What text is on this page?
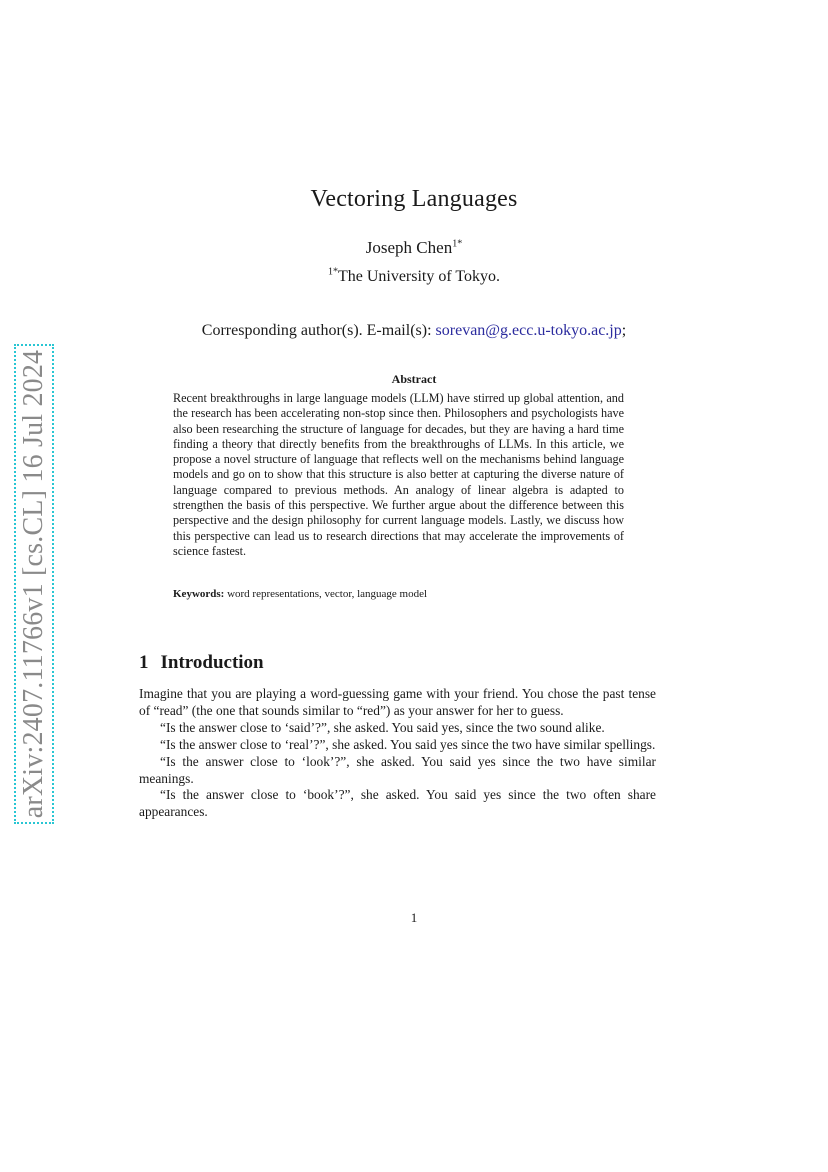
arXiv:2407.11766v1 [cs.CL] 16 Jul 2024
Vectoring Languages
Joseph Chen$^{1*}$
$^{1*}$The University of Tokyo.
Corresponding author(s). E-mail(s): sorevan@g.ecc.u-tokyo.ac.jp;
Abstract

Recent breakthroughs in large language models (LLM) have stirred up global attention, and the research has been accelerating non-stop since then. Philosophers and psychologists have also been researching the structure of language for decades, but they are having a hard time finding a theory that directly benefits from the breakthroughs of LLMs. In this article, we propose a novel structure of language that reflects well on the mechanisms behind language models and go on to show that this structure is also better at capturing the diverse nature of language compared to previous methods. An analogy of linear algebra is adapted to strengthen the basis of this perspective. We further argue about the difference between this perspective and the design philosophy for current language models. Lastly, we discuss how this perspective can lead us to research directions that may accelerate the improvements of science fastest.

Keywords: word representations, vector, language model

1 Introduction

Imagine that you are playing a word-guessing game with your friend. You chose the past tense of “read” (the one that sounds similar to “red”) as your answer for her to guess.

“Is the answer close to ‘said’?”, she asked. You said yes, since the two sound alike.

“Is the answer close to ‘real’?”, she asked. You said yes since the two have similar spellings.

“Is the answer close to ‘look’?”, she asked. You said yes since the two have similar meanings.

“Is the answer close to ‘book’?”, she asked. You said yes since the two often share appearances.

1
